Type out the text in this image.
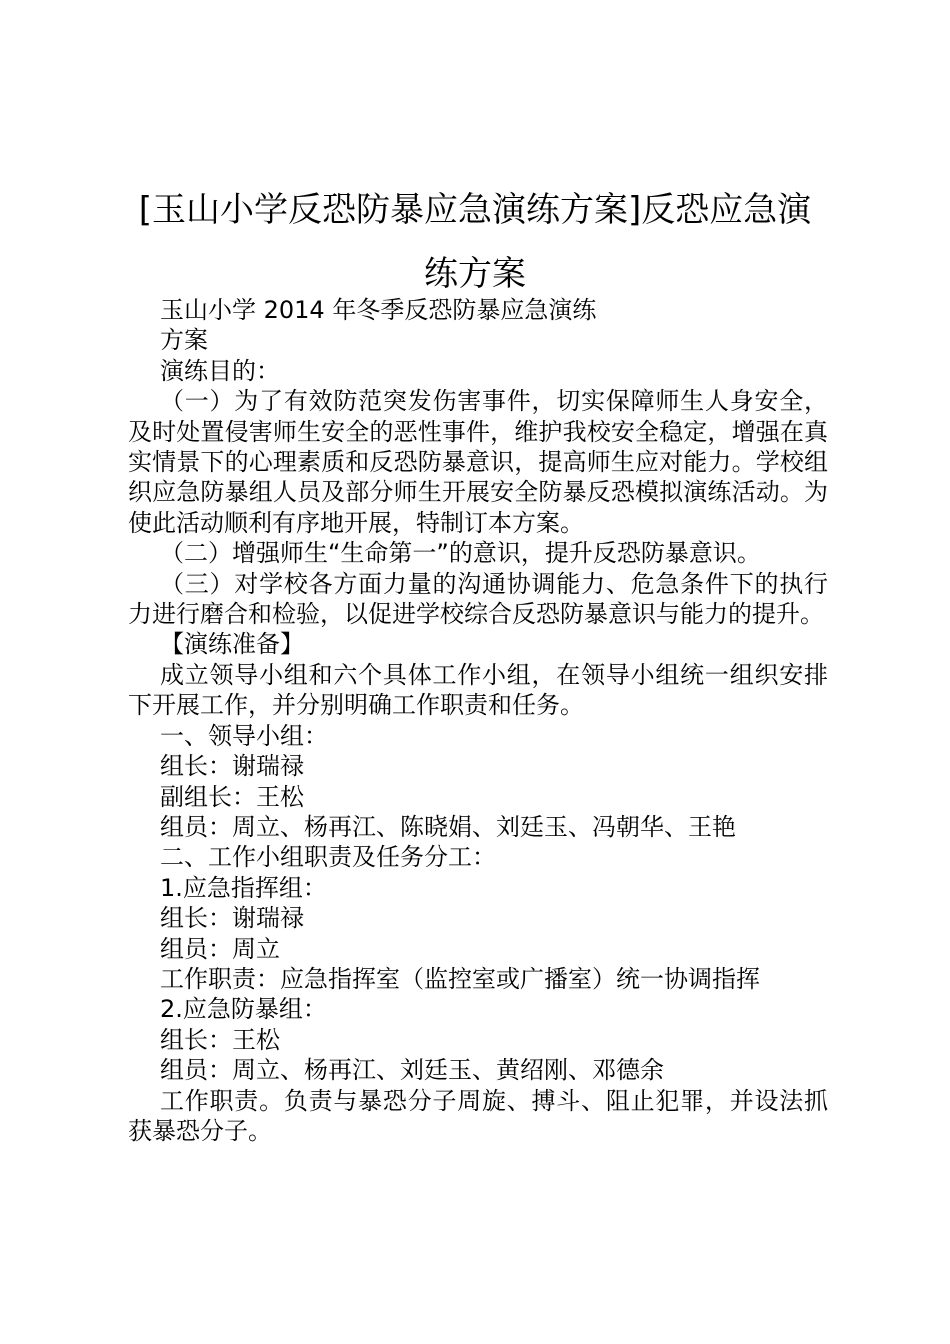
[玉山小学反恐防暴应急演练方案]反恐应急演
练方案

玉山小学 2014 年冬季反恐防暴应急演练

方案

演练目的：

（一）为了有效防范突发伤害事件，切实保障师生人身安全，及时处置侵害师生安全的恶性事件，维护我校安全稳定，增强在真实情景下的心理素质和反恐防暴意识，提高师生应对能力。学校组织应急防暴组人员及部分师生开展安全防暴反恐模拟演练活动。为使此活动顺利有序地开展，特制订本方案。

（二）增强师生“生命第一”的意识，提升反恐防暴意识。

（三）对学校各方面力量的沟通协调能力、危急条件下的执行力进行磨合和检验，以促进学校综合反恐防暴意识与能力的提升。

【演练准备】

成立领导小组和六个具体工作小组，在领导小组统一组织安排下开展工作，并分别明确工作职责和任务。

一、领导小组：

组长：谢瑞禄

副组长：王松

组员：周立、杨再江、陈晓娟、刘廷玉、冯朝华、王艳

二、工作小组职责及任务分工：

1.应急指挥组：

组长：谢瑞禄

组员：周立

工作职责：应急指挥室（监控室或广播室）统一协调指挥

2.应急防暴组：

组长：王松

组员：周立、杨再江、刘廷玉、黄绍刚、邓德余

工作职责。负责与暴恐分子周旋、搏斗、阻止犯罪，并设法抓获暴恐分子。
